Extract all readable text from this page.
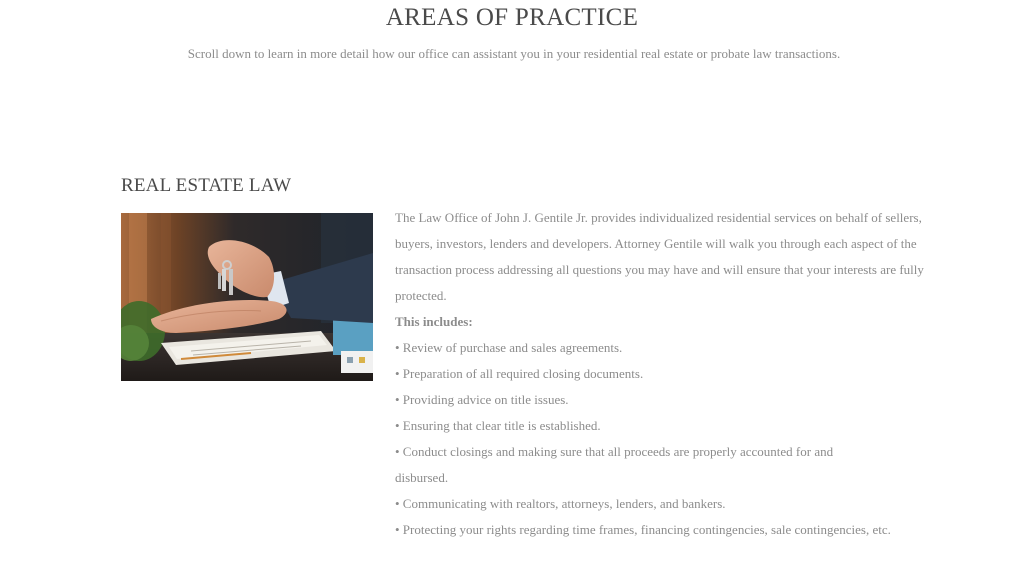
AREAS OF PRACTICE

Scroll down to learn in more detail how our office can assistant you in your residential real estate or probate law transactions.

REAL ESTATE LAW

The Law Office of John J. Gentile Jr. provides individualized residential services on behalf of sellers, buyers, investors, lenders and developers. Attorney Gentile will walk you through each aspect of the transaction process addressing all questions you may have and will ensure that your interests are fully protected.

This includes:

• Review of purchase and sales agreements.
• Preparation of all required closing documents.
• Providing advice on title issues.
• Ensuring that clear title is established.
• Conduct closings and making sure that all proceeds are properly accounted for and disbursed.
• Communicating with realtors, attorneys, lenders, and bankers.
• Protecting your rights regarding time frames, financing contingencies, sale contingencies, etc.
